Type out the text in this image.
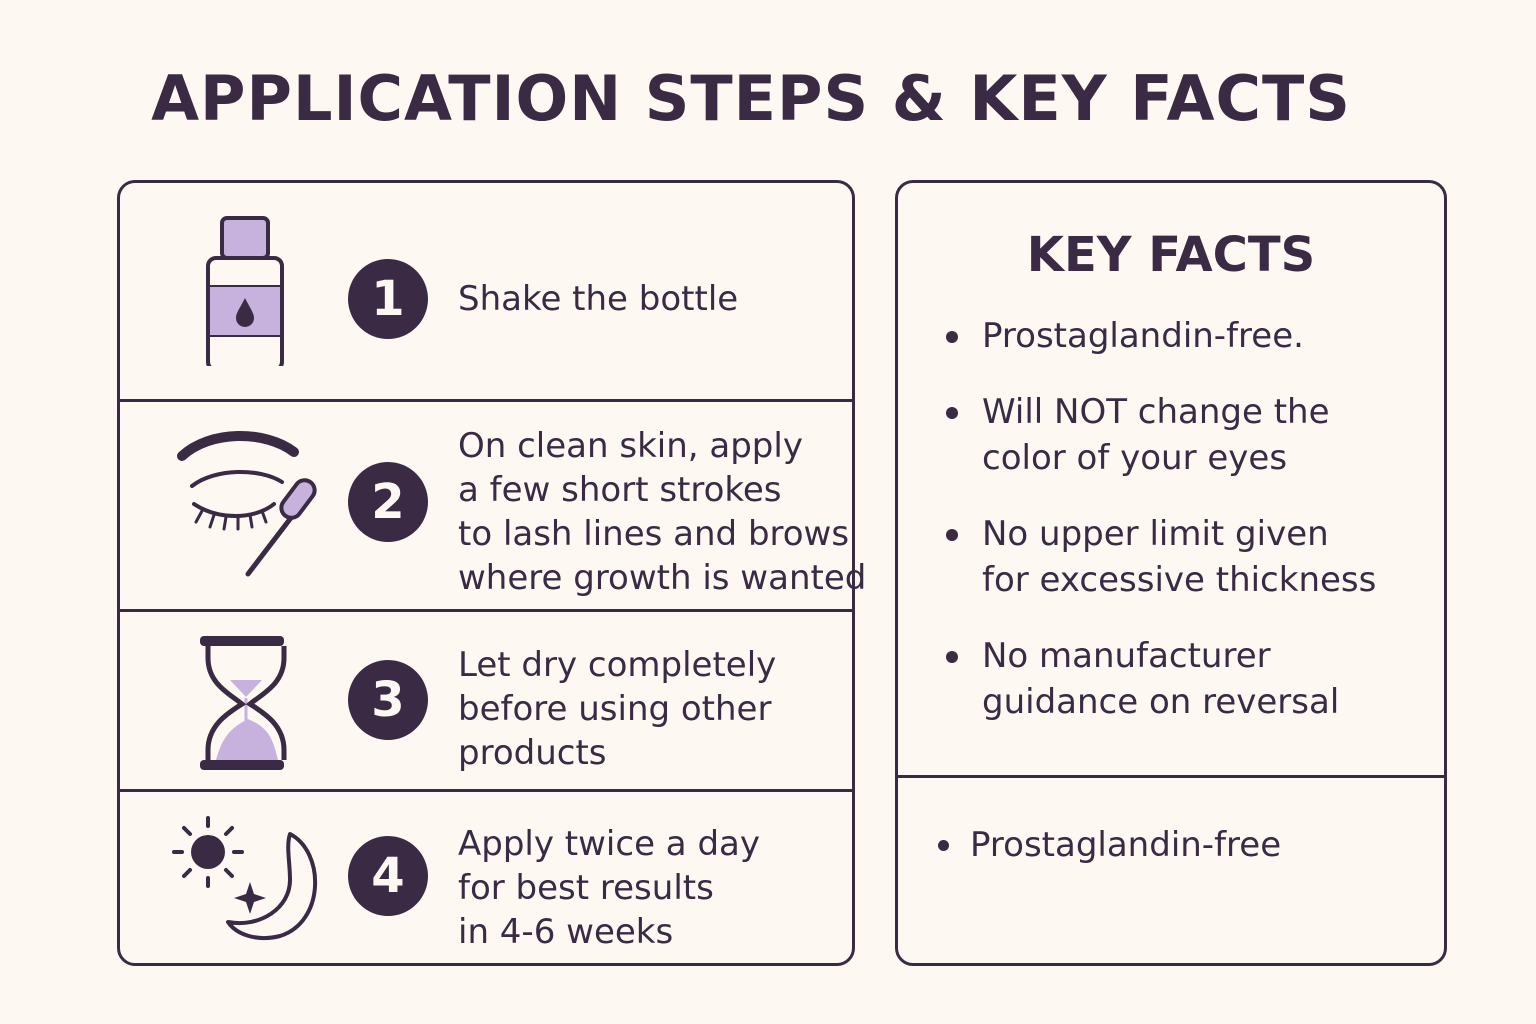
APPLICATION STEPS & KEY FACTS
1	Shake the bottle
2
On clean skin, apply
a few short strokes
to lash lines and brows
where growth is wanted
3
Let dry completely
before using other
products
4
Apply twice a day
for best results
in 4-6 weeks
KEY FACTS
Prostaglandin-free.
Will NOT change the
color of your eyes
No upper limit given
for excessive thickness
No manufacturer
guidance on reversal
Prostaglandin-free
